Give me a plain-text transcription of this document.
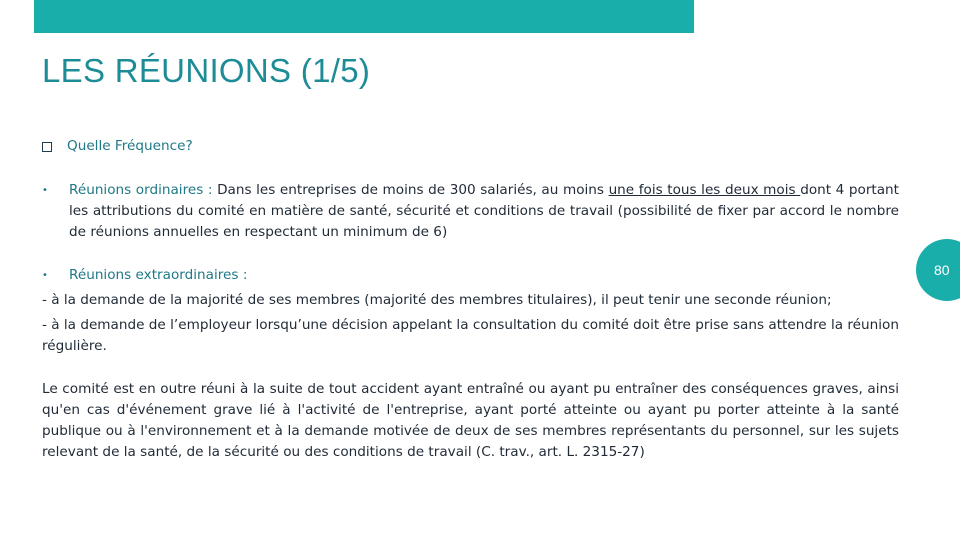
LES RÉUNIONS (1/5)
80
Quelle Fréquence?
• Réunions ordinaires : Dans les entreprises de moins de 300 salariés, au moins une fois tous les deux mois dont 4 portant les attributions du comité en matière de santé, sécurité et conditions de travail (possibilité de fixer par accord le nombre de réunions annuelles en respectant un minimum de 6)
• Réunions extraordinaires :
- à la demande de la majorité de ses membres (majorité des membres titulaires), il peut tenir une seconde réunion;
- à la demande de l’employeur lorsqu’une décision appelant la consultation du comité doit être prise sans attendre la réunion régulière.
Le comité est en outre réuni à la suite de tout accident ayant entraîné ou ayant pu entraîner des conséquences graves, ainsi qu'en cas d'événement grave lié à l'activité de l'entreprise, ayant porté atteinte ou ayant pu porter atteinte à la santé publique ou à l'environnement et à la demande motivée de deux de ses membres représentants du personnel, sur les sujets relevant de la santé, de la sécurité ou des conditions de travail (C. trav., art. L. 2315-27)
